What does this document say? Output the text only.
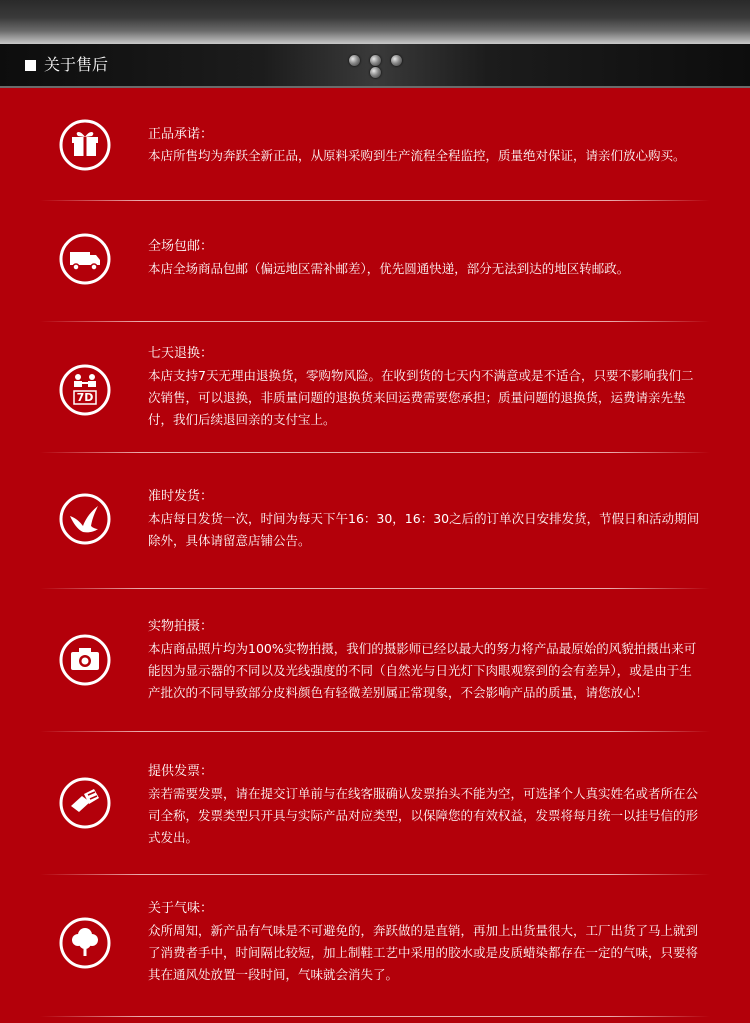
关于售后
正品承诺：
本店所售均为奔跃全新正品，从原料采购到生产流程全程监控，质量绝对保证，请亲们放心购买。
全场包邮：
本店全场商品包邮（偏远地区需补邮差），优先圆通快递，部分无法到达的地区转邮政。
7D
七天退换：
本店支持7天无理由退换货，零购物风险。在收到货的七天内不满意或是不适合，只要不影响我们二次销售，可以退换，非质量问题的退换货来回运费需要您承担；质量问题的退换货，运费请亲先垫付，我们后续退回亲的支付宝上。
准时发货：
本店每日发货一次，时间为每天下午16：30，16：30之后的订单次日安排发货，节假日和活动期间除外，具体请留意店铺公告。
实物拍摄：
本店商品照片均为100%实物拍摄，我们的摄影师已经以最大的努力将产品最原始的风貌拍摄出来可能因为显示器的不同以及光线强度的不同（自然光与日光灯下肉眼观察到的会有差异），或是由于生产批次的不同导致部分皮料颜色有轻微差别属正常现象，不会影响产品的质量，请您放心！
提供发票：
亲若需要发票，请在提交订单前与在线客服确认发票抬头不能为空，可选择个人真实姓名或者所在公司全称，发票类型只开具与实际产品对应类型，以保障您的有效权益，发票将每月统一以挂号信的形式发出。
关于气味：
众所周知，新产品有气味是不可避免的，奔跃做的是直销，再加上出货量很大，工厂出货了马上就到了消费者手中，时间隔比较短，加上制鞋工艺中采用的胶水或是皮质蜡染都存在一定的气味，只要将其在通风处放置一段时间，气味就会消失了。
